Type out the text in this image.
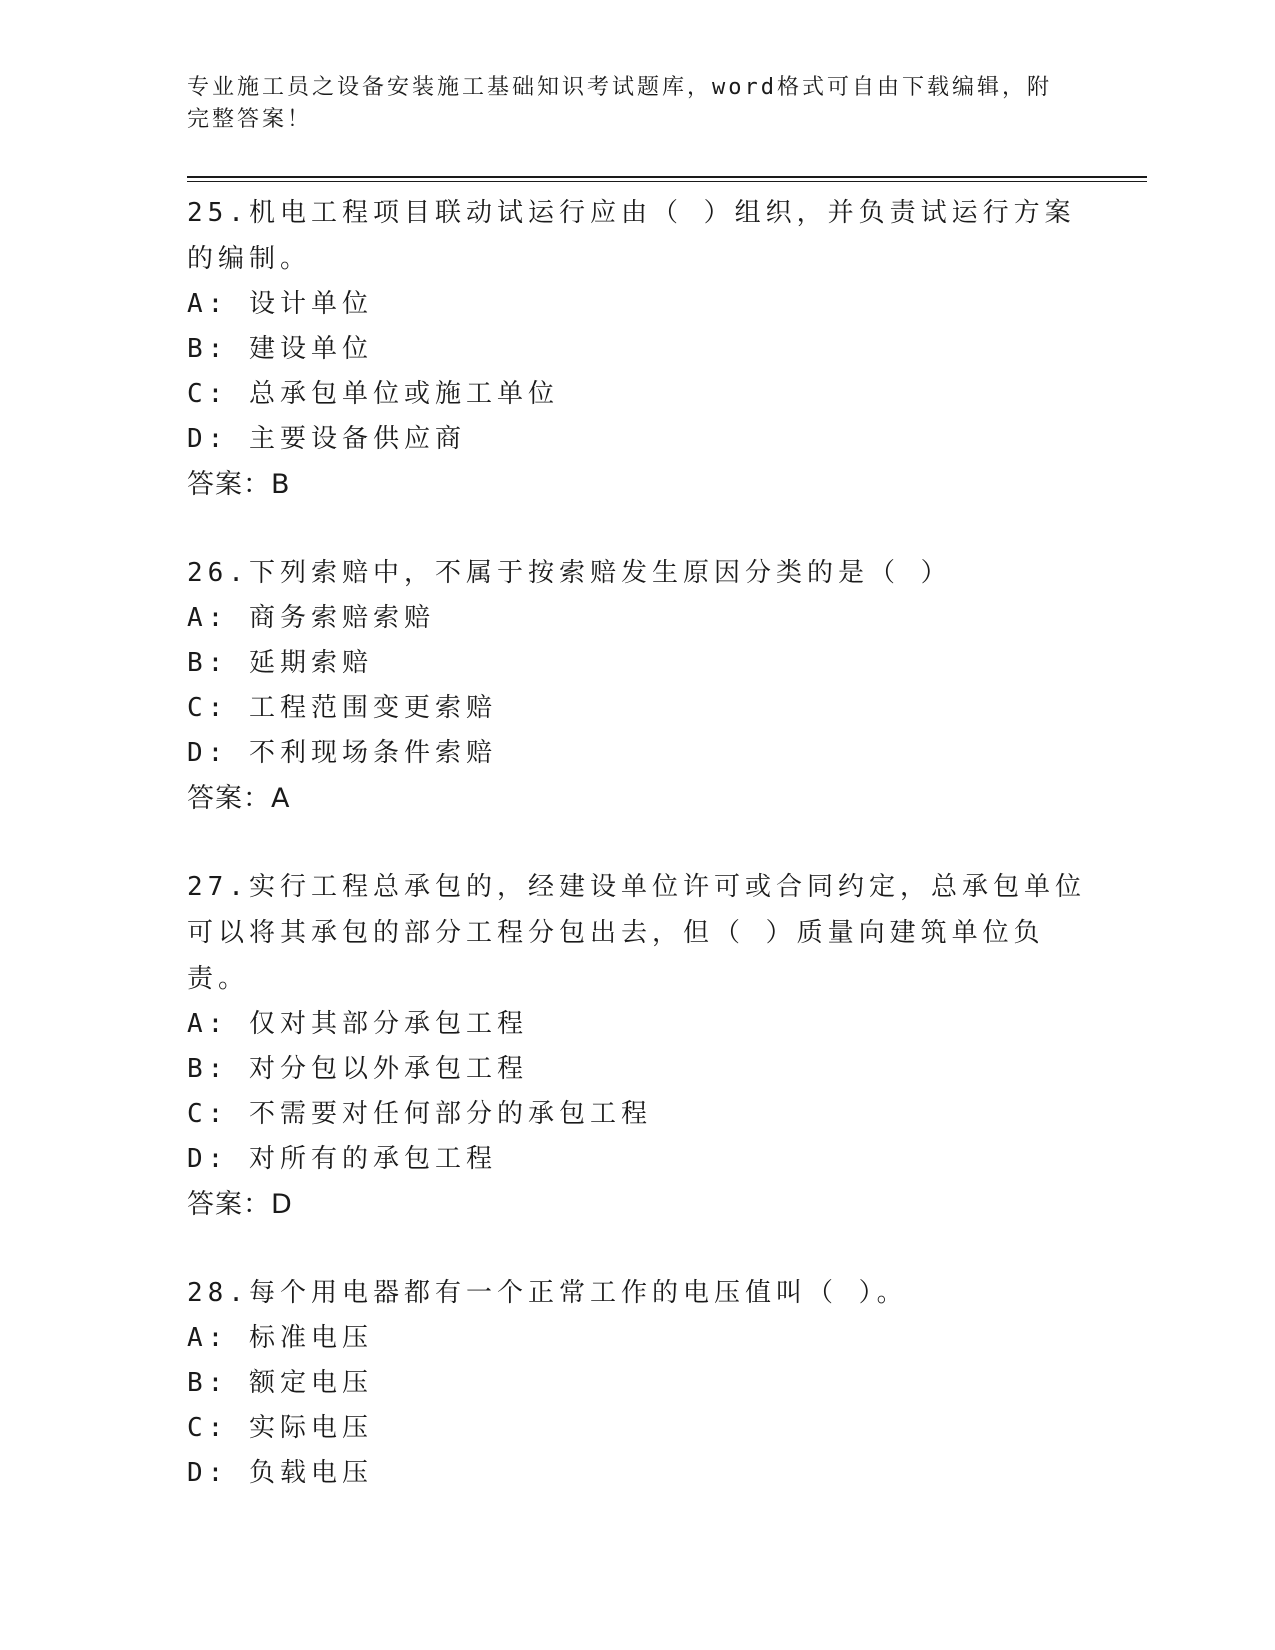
专业施工员之设备安装施工基础知识考试题库，word格式可自由下载编辑，附完整答案！
25.机电工程项目联动试运行应由（ ）组织，并负责试运行方案的编制。
A: 设计单位
B: 建设单位
C: 总承包单位或施工单位
D: 主要设备供应商
答案：B
26.下列索赔中，不属于按索赔发生原因分类的是（ ）
A: 商务索赔索赔
B: 延期索赔
C: 工程范围变更索赔
D: 不利现场条件索赔
答案：A
27.实行工程总承包的，经建设单位许可或合同约定，总承包单位可以将其承包的部分工程分包出去，但（ ）质量向建筑单位负责。
A: 仅对其部分承包工程
B: 对分包以外承包工程
C: 不需要对任何部分的承包工程
D: 对所有的承包工程
答案：D
28.每个用电器都有一个正常工作的电压值叫（ ）。
A: 标准电压
B: 额定电压
C: 实际电压
D: 负载电压
